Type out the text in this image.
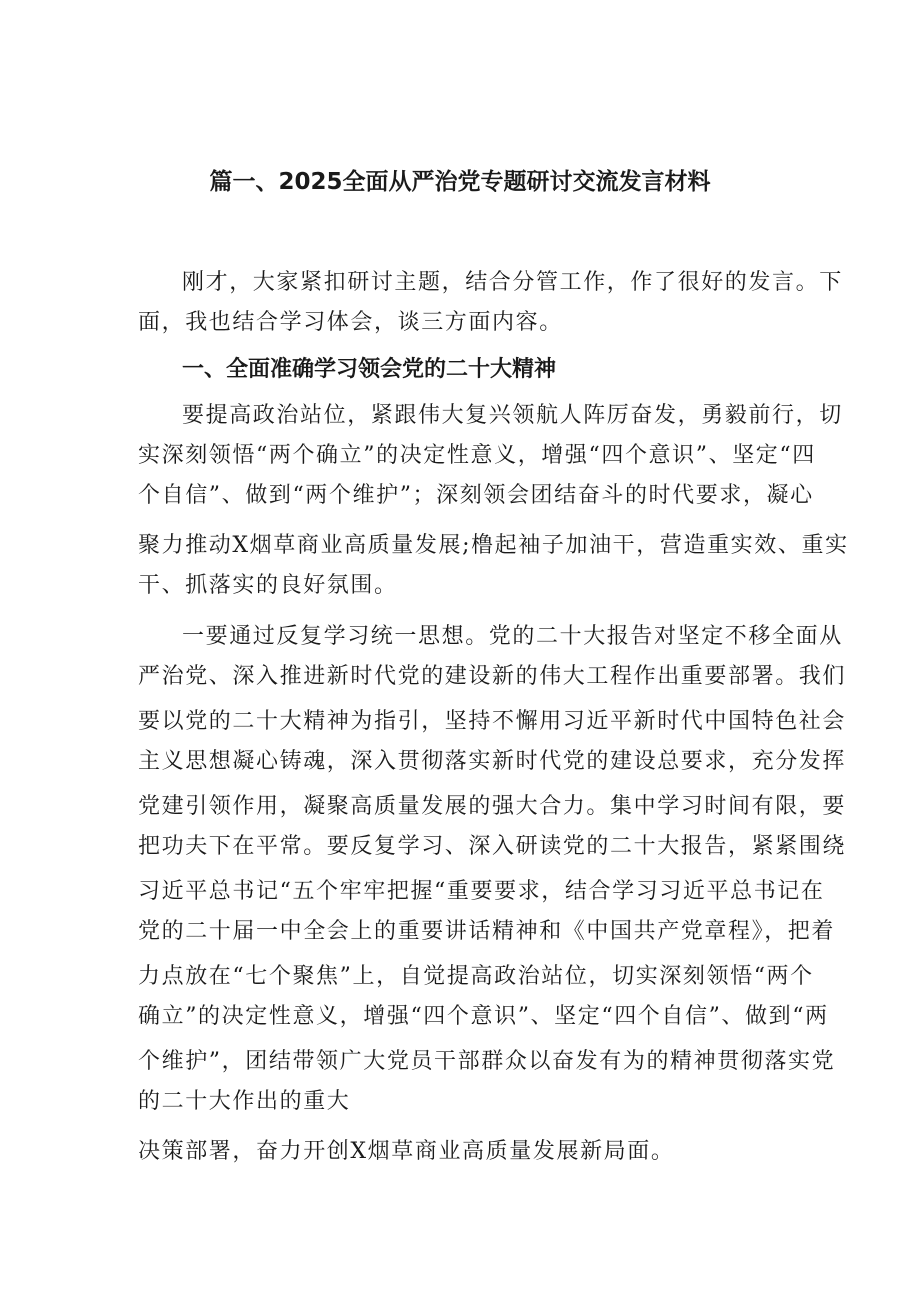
篇一、2025全面从严治党专题研讨交流发言材料
刚才，大家紧扣研讨主题，结合分管工作，作了很好的发言。下
面，我也结合学习体会，谈三方面内容。
一、全面准确学习领会党的二十大精神
要提高政治站位，紧跟伟大复兴领航人阵厉奋发，勇毅前行，切
实深刻领悟“两个确立”的决定性意义，增强“四个意识”、坚定“四
个自信”、做到“两个维护”；深刻领会团结奋斗的时代要求，凝心
聚力推动X烟草商业高质量发展;橹起袖子加油干，营造重实效、重实
干、抓落实的良好氛围。
一要通过反复学习统一思想。党的二十大报告对坚定不移全面从
严治党、深入推进新时代党的建设新的伟大工程作出重要部署。我们
要以党的二十大精神为指引，坚持不懈用习近平新时代中国特色社会
主义思想凝心铸魂，深入贯彻落实新时代党的建设总要求，充分发挥
党建引领作用，凝聚高质量发展的强大合力。集中学习时间有限，要
把功夫下在平常。要反复学习、深入研读党的二十大报告，紧紧围绕
习近平总书记“五个牢牢把握“重要要求，结合学习习近平总书记在
党的二十届一中全会上的重要讲话精神和《中国共产党章程》，把着
力点放在“七个聚焦”上，自觉提高政治站位，切实深刻领悟“两个
确立”的决定性意义，增强“四个意识”、坚定“四个自信”、做到“两
个维护”，团结带领广大党员干部群众以奋发有为的精神贯彻落实党
的二十大作出的重大
决策部署，奋力开创X烟草商业高质量发展新局面。
